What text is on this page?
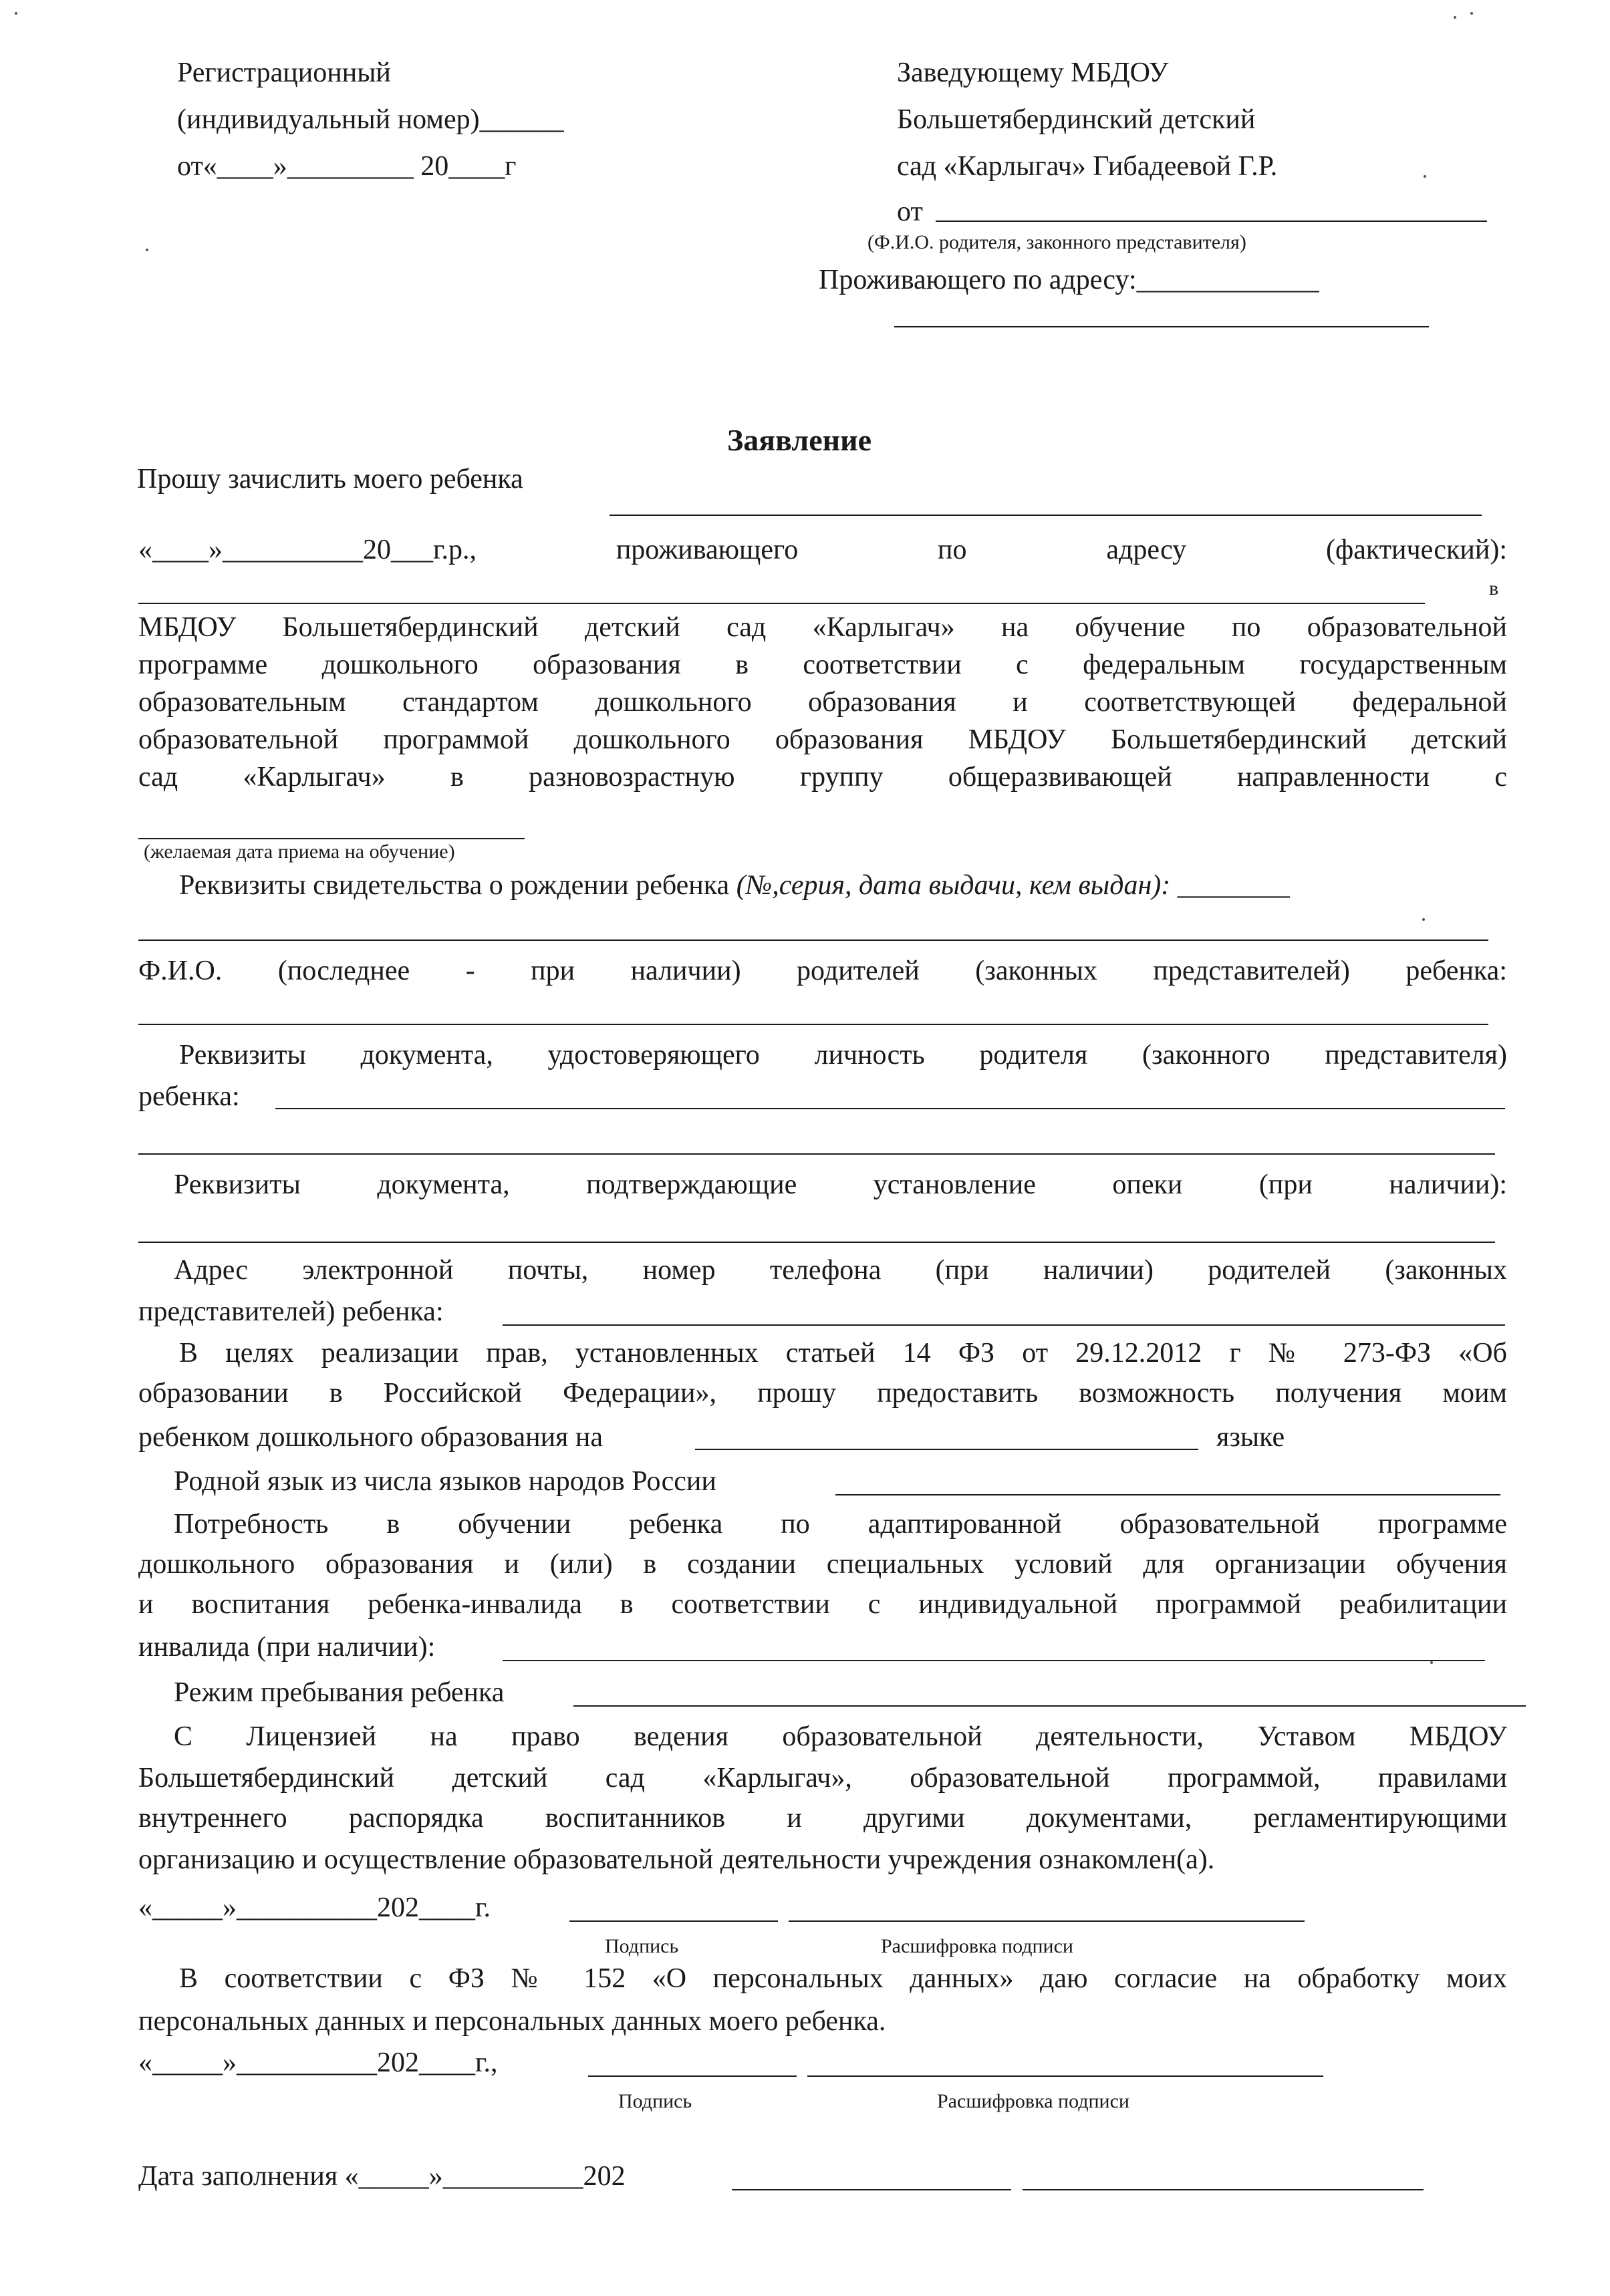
Регистрационный
(индивидуальный номер)______
от«____»_________ 20____г
Заведующему МБДОУ
Большетябердинский детский
сад «Карлыгач» Гибадеевой Г.Р.
от
(Ф.И.О. родителя, законного представителя)
Проживающего по адресу:_____________
Заявление
Прошу зачислить моего ребенка
«____»__________20___г.р., проживающего по адресу (фактический):
в
МБДОУ Большетябердинский детский сад «Карлыгач» на обучение по образовательной
программе дошкольного образования в соответствии с федеральным государственным
образовательным стандартом дошкольного образования и соответствующей федеральной
образовательной программой дошкольного образования МБДОУ Большетябердинский детский
сад «Карлыгач» в разновозрастную группу общеразвивающей направленности с
(желаемая дата приема на обучение)
Реквизиты свидетельства о рождении ребенка (№,серия, дата выдачи, кем выдан): ________
Ф.И.О. (последнее - при наличии) родителей (законных представителей) ребенка:
Реквизиты документа, удостоверяющего личность родителя (законного представителя)
ребенка:
Реквизиты документа, подтверждающие установление опеки (при наличии):
Адрес электронной почты, номер телефона (при наличии) родителей (законных
представителей) ребенка:
В целях реализации прав, установленных статьей 14 ФЗ от 29.12.2012 г № 273-ФЗ «Об
образовании в Российской Федерации», прошу предоставить возможность получения моим
ребенком дошкольного образования на	языке
Родной язык из числа языков народов России
Потребность в обучении ребенка по адаптированной образовательной программе
дошкольного образования и (или) в создании специальных условий для организации обучения
и воспитания ребенка-инвалида в соответствии с индивидуальной программой реабилитации
инвалида (при наличии):
Режим пребывания ребенка
С Лицензией на право ведения образовательной деятельности, Уставом МБДОУ
Большетябердинский детский сад «Карлыгач», образовательной программой, правилами
внутреннего распорядка воспитанников и другими документами, регламентирующими
организацию и осуществление образовательной деятельности учреждения ознакомлен(а).
«_____»__________202____г.
Подпись	Расшифровка подписи
В соответствии с ФЗ № 152 «О персональных данных» даю согласие на обработку моих
персональных данных и персональных данных моего ребенка.
«_____»__________202____г.,
Подпись	Расшифровка подписи
Дата заполнения «_____»__________202
